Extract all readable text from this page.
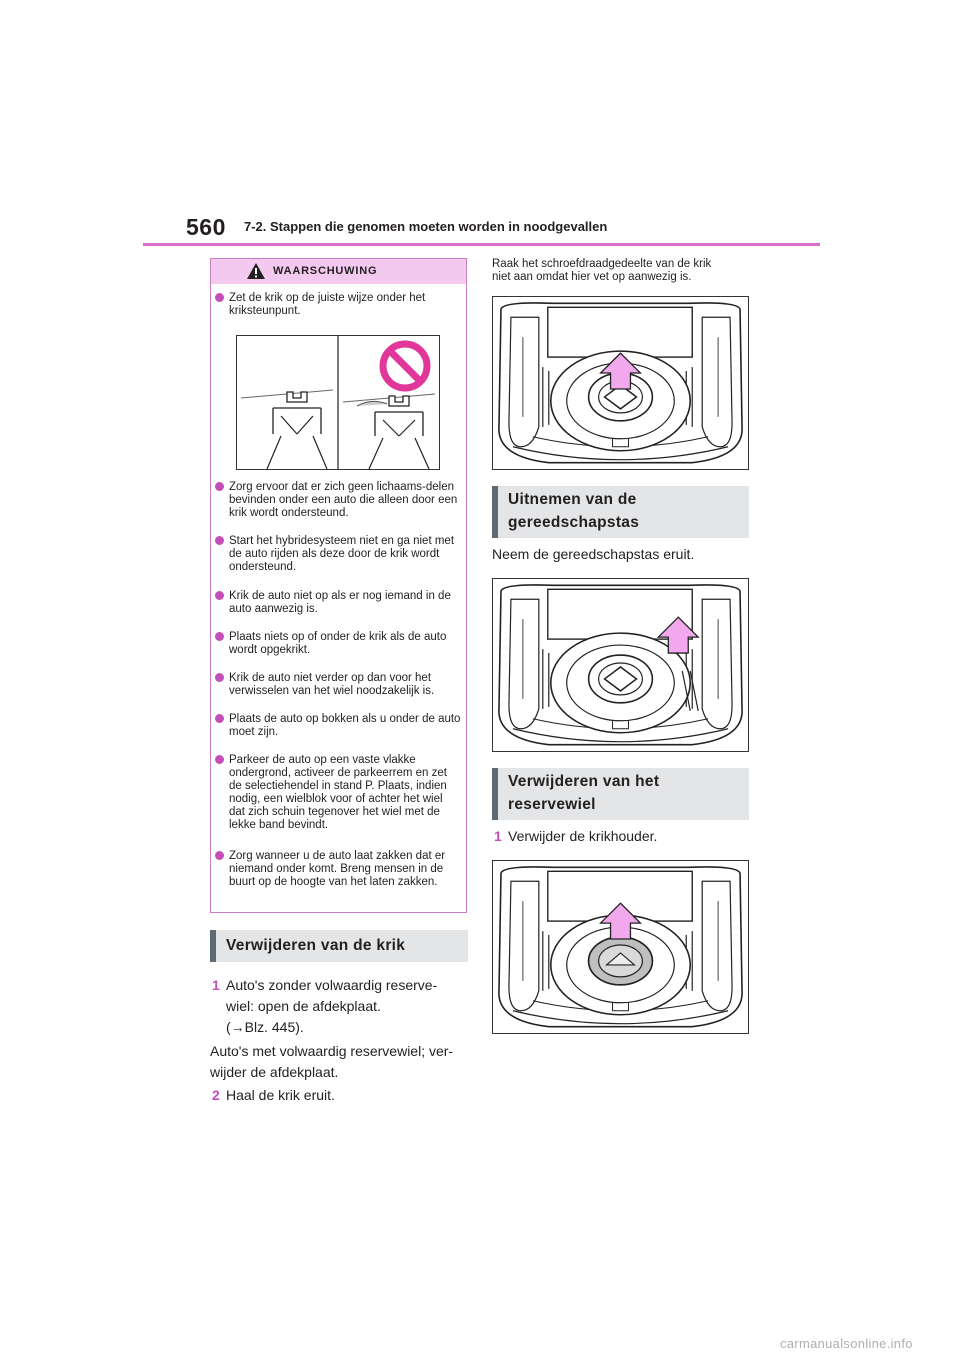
560 7-2. Stappen die genomen moeten worden in noodgevallen
WAARSCHUWING
Zet de krik op de juiste wijze onder het kriksteunpunt.
Zorg ervoor dat er zich geen lichaams-delen bevinden onder een auto die alleen door een krik wordt ondersteund.
Start het hybridesysteem niet en ga niet met de auto rijden als deze door de krik wordt ondersteund.
Krik de auto niet op als er nog iemand in de auto aanwezig is.
Plaats niets op of onder de krik als de auto wordt opgekrikt.
Krik de auto niet verder op dan voor het verwisselen van het wiel noodzakelijk is.
Plaats de auto op bokken als u onder de auto moet zijn.
Parkeer de auto op een vaste vlakke ondergrond, activeer de parkeerrem en zet de selectiehendel in stand P. Plaats, indien nodig, een wielblok voor of achter het wiel dat zich schuin tegenover het wiel met de lekke band bevindt.
Zorg wanneer u de auto laat zakken dat er niemand onder komt. Breng mensen in de buurt op de hoogte van het laten zakken.
Verwijderen van de krik
1 Auto's zonder volwaardig reserve-
wiel: open de afdekplaat.
(→Blz. 445).
Auto's met volwaardig reservewiel; ver-
wijder de afdekplaat.
2 Haal de krik eruit.
Raak het schroefdraadgedeelte van de krik
niet aan omdat hier vet op aanwezig is.
Uitnemen van de
gereedschapstas
Neem de gereedschapstas eruit.
Verwijderen van het
reservewiel
1 Verwijder de krikhouder.
carmanualsonline.info
